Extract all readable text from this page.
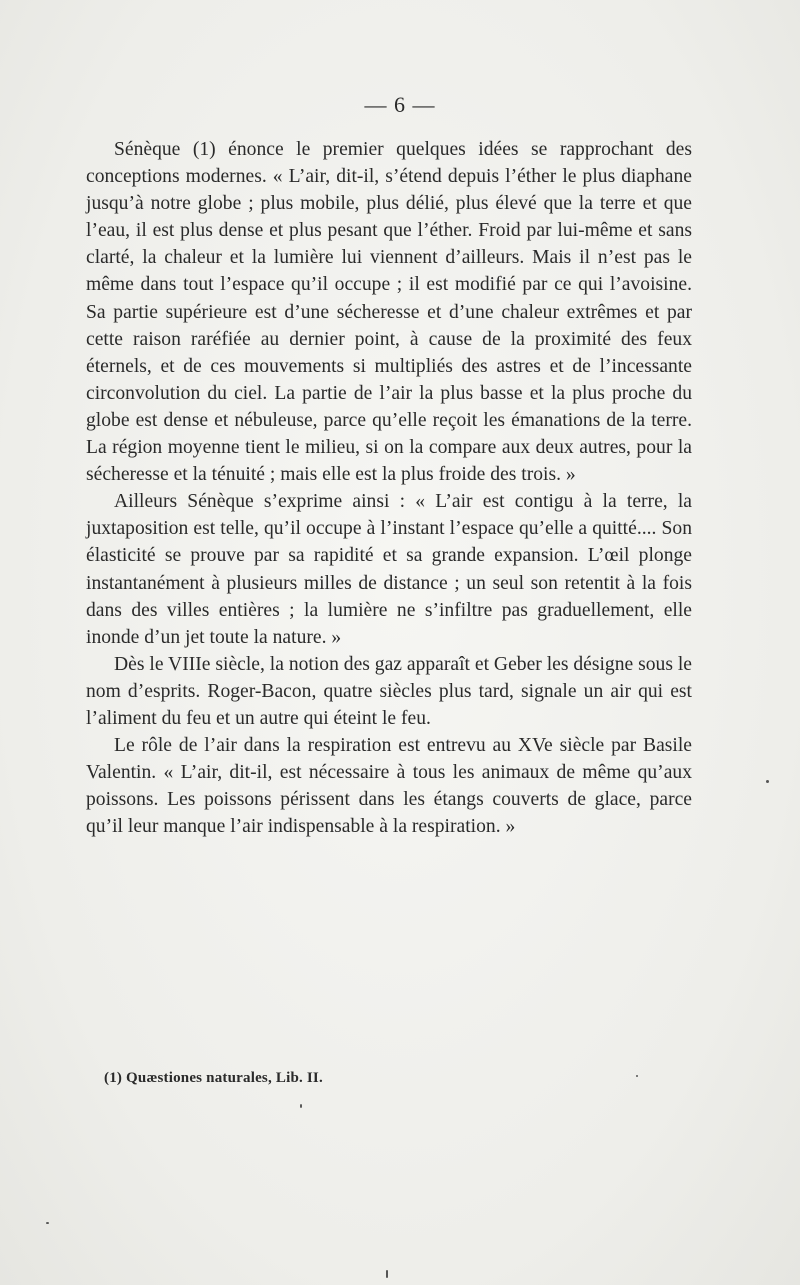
— 6 —

Sénèque (1) énonce le premier quelques idées se rapprochant des conceptions modernes. « L’air, dit-il, s’étend depuis l’éther le plus diaphane jusqu’à notre globe ; plus mobile, plus délié, plus élevé que la terre et que l’eau, il est plus dense et plus pesant que l’éther. Froid par lui-même et sans clarté, la chaleur et la lumière lui viennent d’ailleurs. Mais il n’est pas le même dans tout l’espace qu’il occupe ; il est modifié par ce qui l’avoisine. Sa partie supérieure est d’une sécheresse et d’une chaleur extrêmes et par cette raison raréfiée au dernier point, à cause de la proximité des feux éternels, et de ces mouvements si multipliés des astres et de l’incessante circonvolution du ciel. La partie de l’air la plus basse et la plus proche du globe est dense et nébuleuse, parce qu’elle reçoit les émanations de la terre. La région moyenne tient le milieu, si on la compare aux deux autres, pour la sécheresse et la ténuité ; mais elle est la plus froide des trois. »

Ailleurs Sénèque s’exprime ainsi : « L’air est contigu à la terre, la juxtaposition est telle, qu’il occupe à l’instant l’espace qu’elle a quitté.... Son élasticité se prouve par sa rapidité et sa grande expansion. L’œil plonge instantanément à plusieurs milles de distance ; un seul son retentit à la fois dans des villes entières ; la lumière ne s’infiltre pas graduellement, elle inonde d’un jet toute la nature. »

Dès le VIIIe siècle, la notion des gaz apparaît et Geber les désigne sous le nom d’esprits. Roger-Bacon, quatre siècles plus tard, signale un air qui est l’aliment du feu et un autre qui éteint le feu.

Le rôle de l’air dans la respiration est entrevu au XVe siècle par Basile Valentin. « L’air, dit-il, est nécessaire à tous les animaux de même qu’aux poissons. Les poissons périssent dans les étangs couverts de glace, parce qu’il leur manque l’air indispensable à la respiration. »

(1) Quæstiones naturales, Lib. II.
